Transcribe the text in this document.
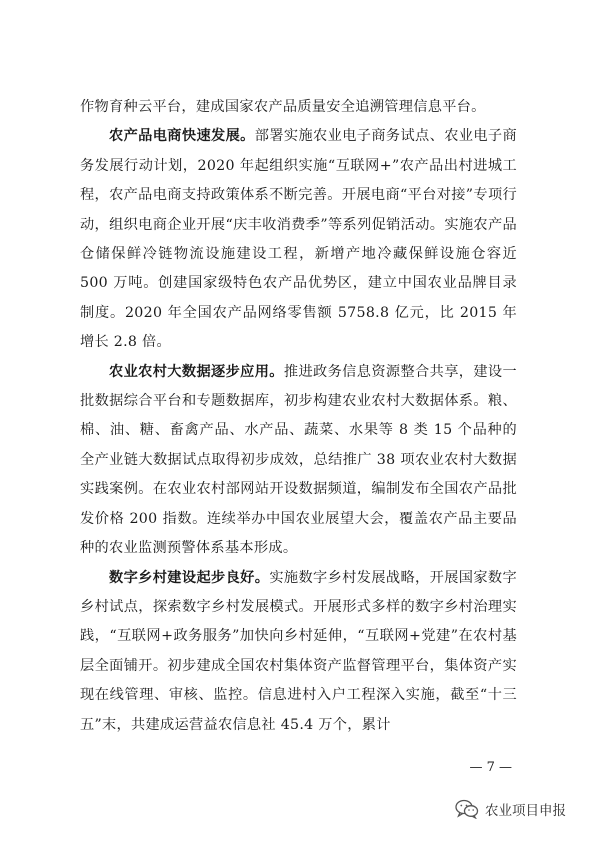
作物育种云平台，建成国家农产品质量安全追溯管理信息平台。

农产品电商快速发展。部署实施农业电子商务试点、农业电子商务发展行动计划，2020 年起组织实施“互联网+”农产品出村进城工程，农产品电商支持政策体系不断完善。开展电商“平台对接”专项行动，组织电商企业开展“庆丰收消费季”等系列促销活动。实施农产品仓储保鲜冷链物流设施建设工程，新增产地冷藏保鲜设施仓容近 500 万吨。创建国家级特色农产品优势区，建立中国农业品牌目录制度。2020 年全国农产品网络零售额 5758.8 亿元，比 2015 年增长 2.8 倍。

农业农村大数据逐步应用。推进政务信息资源整合共享，建设一批数据综合平台和专题数据库，初步构建农业农村大数据体系。粮、棉、油、糖、畜禽产品、水产品、蔬菜、水果等 8 类 15 个品种的全产业链大数据试点取得初步成效，总结推广 38 项农业农村大数据实践案例。在农业农村部网站开设数据频道，编制发布全国农产品批发价格 200 指数。连续举办中国农业展望大会，覆盖农产品主要品种的农业监测预警体系基本形成。

数字乡村建设起步良好。实施数字乡村发展战略，开展国家数字乡村试点，探索数字乡村发展模式。开展形式多样的数字乡村治理实践，“互联网+政务服务”加快向乡村延伸，“互联网+党建”在农村基层全面铺开。初步建成全国农村集体资产监督管理平台，集体资产实现在线管理、审核、监控。信息进村入户工程深入实施，截至“十三五”末，共建成运营益农信息社 45.4 万个，累计

— 7 —
农业项目申报
